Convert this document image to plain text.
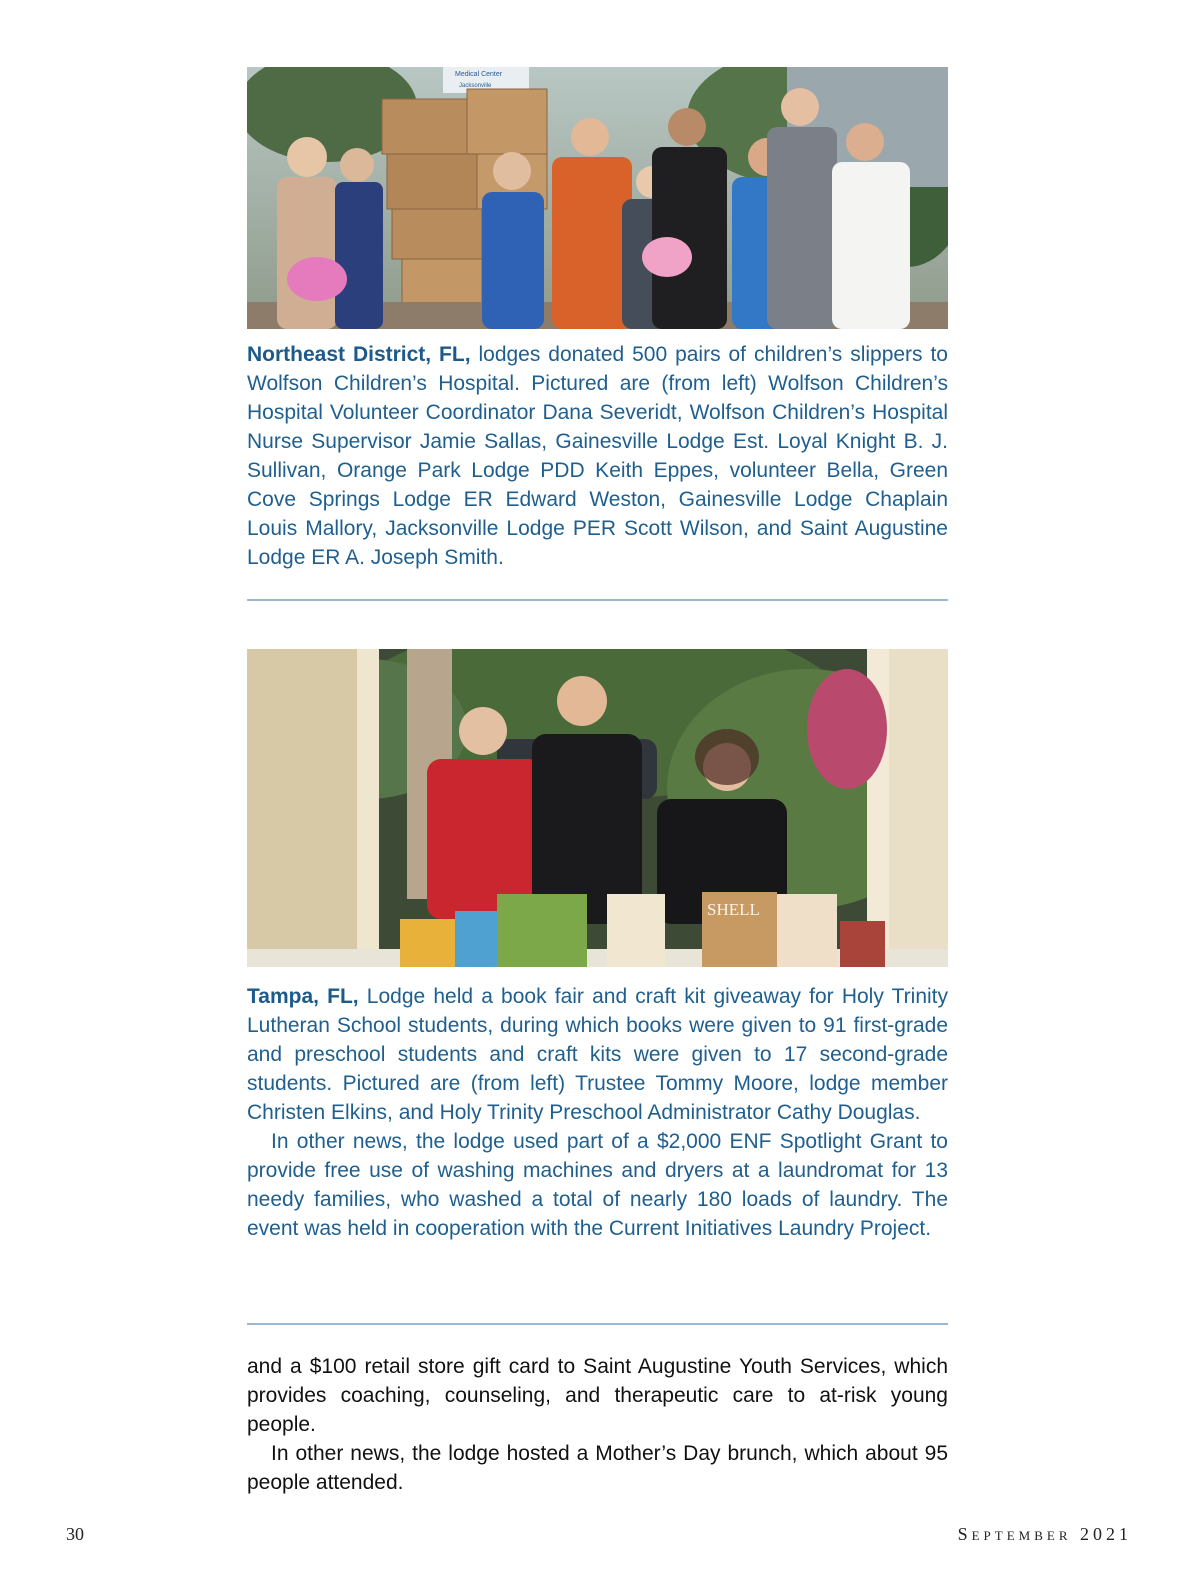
Medical Center
Jacksonville

Northeast District, FL, lodges donated 500 pairs of children’s slippers to Wolfson Children’s Hospital. Pictured are (from left) Wolfson Children’s Hospital Volunteer Coordinator Dana Severidt, Wolfson Children’s Hospital Nurse Supervisor Jamie Sallas, Gainesville Lodge Est. Loyal Knight B. J. Sullivan, Orange Park Lodge PDD Keith Eppes, volunteer Bella, Green Cove Springs Lodge ER Edward Weston, Gainesville Lodge Chaplain Louis Mallory, Jacksonville Lodge PER Scott Wilson, and Saint Augustine Lodge ER A. Joseph Smith.

SHELL

Tampa, FL, Lodge held a book fair and craft kit giveaway for Holy Trinity Lutheran School students, during which books were given to 91 first-grade and preschool students and craft kits were given to 17 second-grade students. Pictured are (from left) Trustee Tommy Moore, lodge member Christen Elkins, and Holy Trinity Preschool Administrator Cathy Douglas.

In other news, the lodge used part of a $2,000 ENF Spotlight Grant to provide free use of washing machines and dryers at a laundromat for 13 needy families, who washed a total of nearly 180 loads of laundry. The event was held in cooperation with the Current Initiatives Laundry Project.

and a $100 retail store gift card to Saint Augustine Youth Services, which provides coaching, counseling, and therapeutic care to at-risk young people.

In other news, the lodge hosted a Mother’s Day brunch, which about 95 people attended.

30	September 2021
